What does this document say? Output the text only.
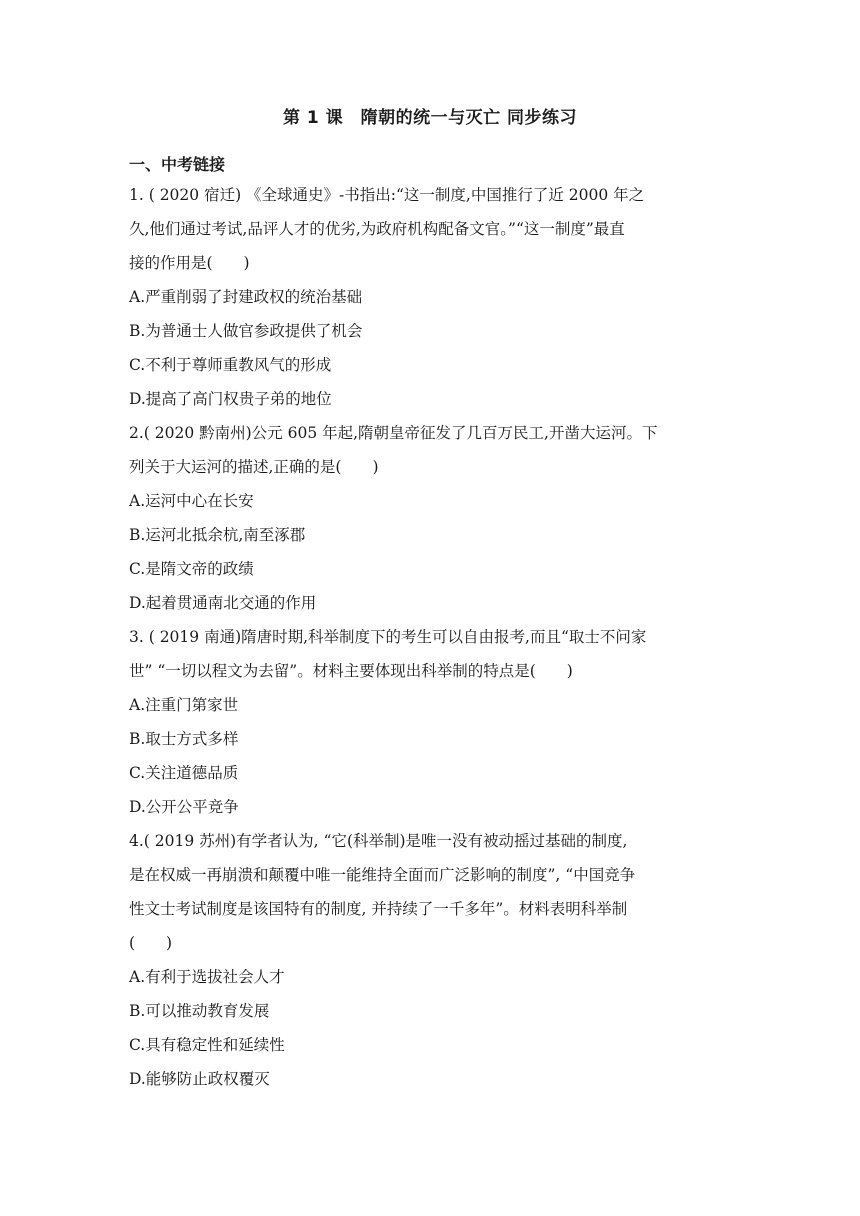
第 1 课　隋朝的统一与灭亡 同步练习
一、中考链接
1. ( 2020 宿迁) 《全球通史》-书指出:“这一制度,中国推行了近 2000 年之
久,他们通过考试,品评人才的优劣,为政府机构配备文官。”“这一制度”最直
接的作用是(　　)
A.严重削弱了封建政权的统治基础
B.为普通士人做官参政提供了机会
C.不利于尊师重教风气的形成
D.提高了高门权贵子弟的地位
2.( 2020 黔南州)公元 605 年起,隋朝皇帝征发了几百万民工,开凿大运河。下
列关于大运河的描述,正确的是(　　)
A.运河中心在长安
B.运河北抵余杭,南至涿郡
C.是隋文帝的政绩
D.起着贯通南北交通的作用
3. ( 2019 南通)隋唐时期,科举制度下的考生可以自由报考,而且“取士不问家
世” “一切以程文为去留”。材料主要体现出科举制的特点是(　　)
A.注重门第家世
B.取士方式多样
C.关注道德品质
D.公开公平竞争
4.( 2019 苏州)有学者认为, “它(科举制)是唯一没有被动摇过基础的制度,
是在权威一再崩溃和颠覆中唯一能维持全面而广泛影响的制度”, “中国竞争
性文士考试制度是该国特有的制度, 并持续了一千多年”。材料表明科举制
(　　)
A.有利于选拔社会人才
B.可以推动教育发展
C.具有稳定性和延续性
D.能够防止政权覆灭
